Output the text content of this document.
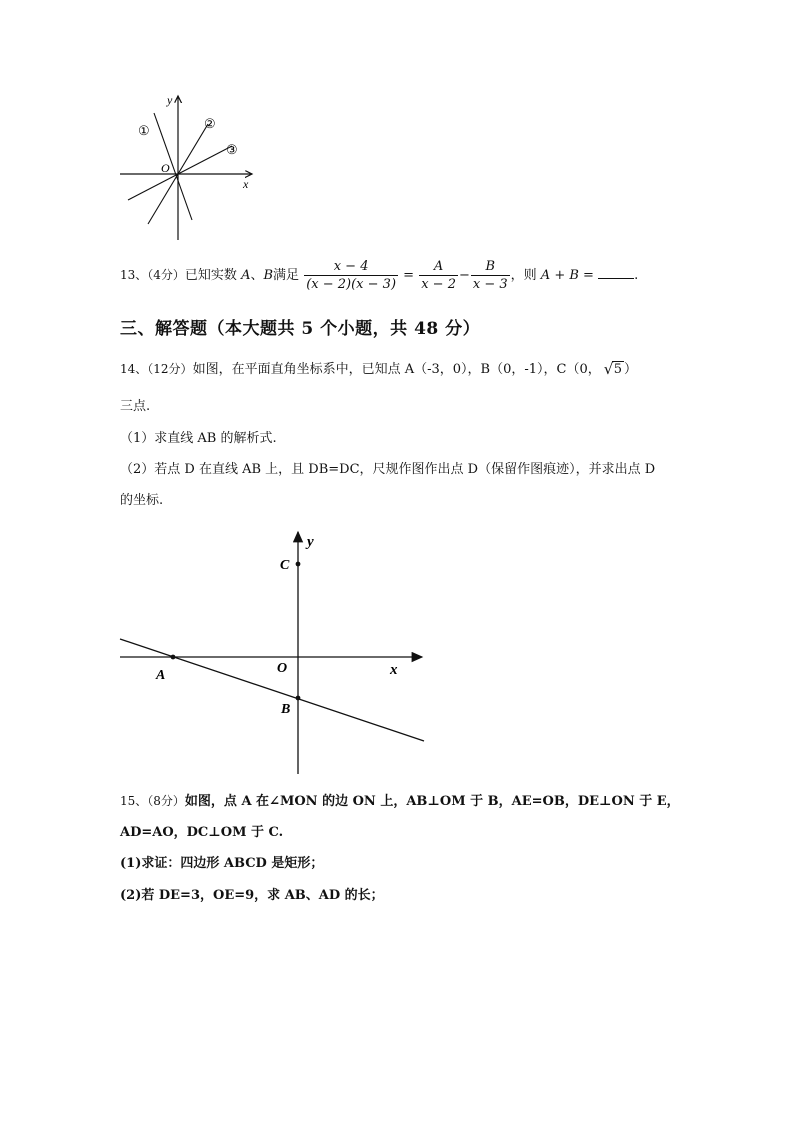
y
x
O
①	②
③
13、（4分）已知实数 A、B满足 $\frac{x - 4}{(x - 2)(x - 3)} = \frac{A}{x - 2} - \frac{B}{x - 3}$ ，则 A + B =	.
三、解答题（本大题共 5 个小题，共 48 分）
14、（12分）如图，在平面直角坐标系中，已知点 A（-3，0），B（0，-1），C（0， √ 5 ）
三点.
（1）求直线 AB 的解析式.
（2）若点 D 在直线 AB 上，且 DB=DC，尺规作图作出点 D（保留作图痕迹），并求出点 D
的坐标.
y
x
O
A
B
C
15、（8分）如图，点 A 在∠MON 的边 ON 上，AB⊥OM 于 B，AE=OB，DE⊥ON 于 E，
AD=AO，DC⊥OM 于 C.
(1)求证：四边形 ABCD 是矩形；
(2)若 DE=3，OE=9，求 AB、AD 的长；
